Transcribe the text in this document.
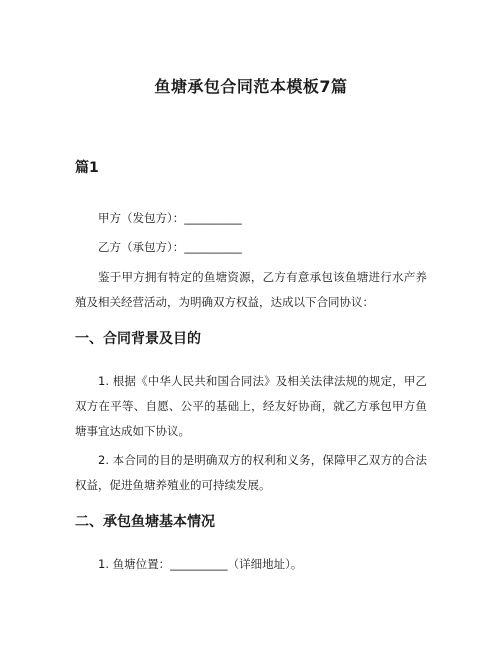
鱼塘承包合同范本模板7篇
篇1

甲方（发包方）：__________

乙方（承包方）：__________

鉴于甲方拥有特定的鱼塘资源，乙方有意承包该鱼塘进行水产养殖及相关经营活动，为明确双方权益，达成以下合同协议：

一、合同背景及目的

1. 根据《中华人民共和国合同法》及相关法律法规的规定，甲乙双方在平等、自愿、公平的基础上，经友好协商，就乙方承包甲方鱼塘事宜达成如下协议。

2. 本合同的目的是明确双方的权利和义务，保障甲乙双方的合法权益，促进鱼塘养殖业的可持续发展。

二、承包鱼塘基本情况

1. 鱼塘位置：__________（详细地址）。
